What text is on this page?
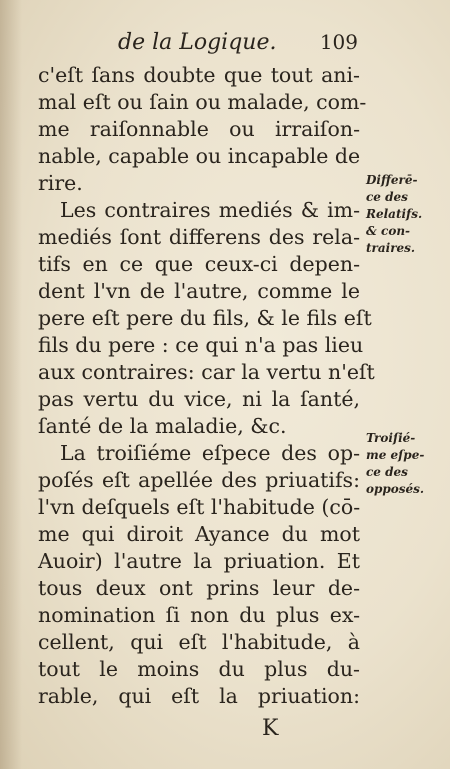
de la Logique. 109
c'eſt ſans doubte que tout ani-
mal eſt ou ſain ou malade, com-
me raiſonnable ou irraiſon-
nable, capable ou incapable de
rire.
Les contraires mediés & im-
mediés ſont differens des rela-
tifs en ce que ceux-ci depen-
dent l'vn de l'autre, comme le
pere eſt pere du fils, & le fils eſt
fils du pere : ce qui n'a pas lieu
aux contraires: car la vertu n'eſt
pas vertu du vice, ni la ſanté,
ſanté de la maladie, &c.
La troiſiéme eſpece des op-
poſés eſt apellée des priuatifs:
l'vn deſquels eſt l'habitude (cō-
me qui diroit Ayance du mot
Auoir) l'autre la priuation. Et
tous deux ont prins leur de-
nomination ſi non du plus ex-
cellent, qui eſt l'habitude, à
tout le moins du plus du-
rable, qui eſt la priuation:
Differē-
ce des
Relatifs.
& con-
traires.
Troiſié-
me eſpe-
ce des
opposés.
K
